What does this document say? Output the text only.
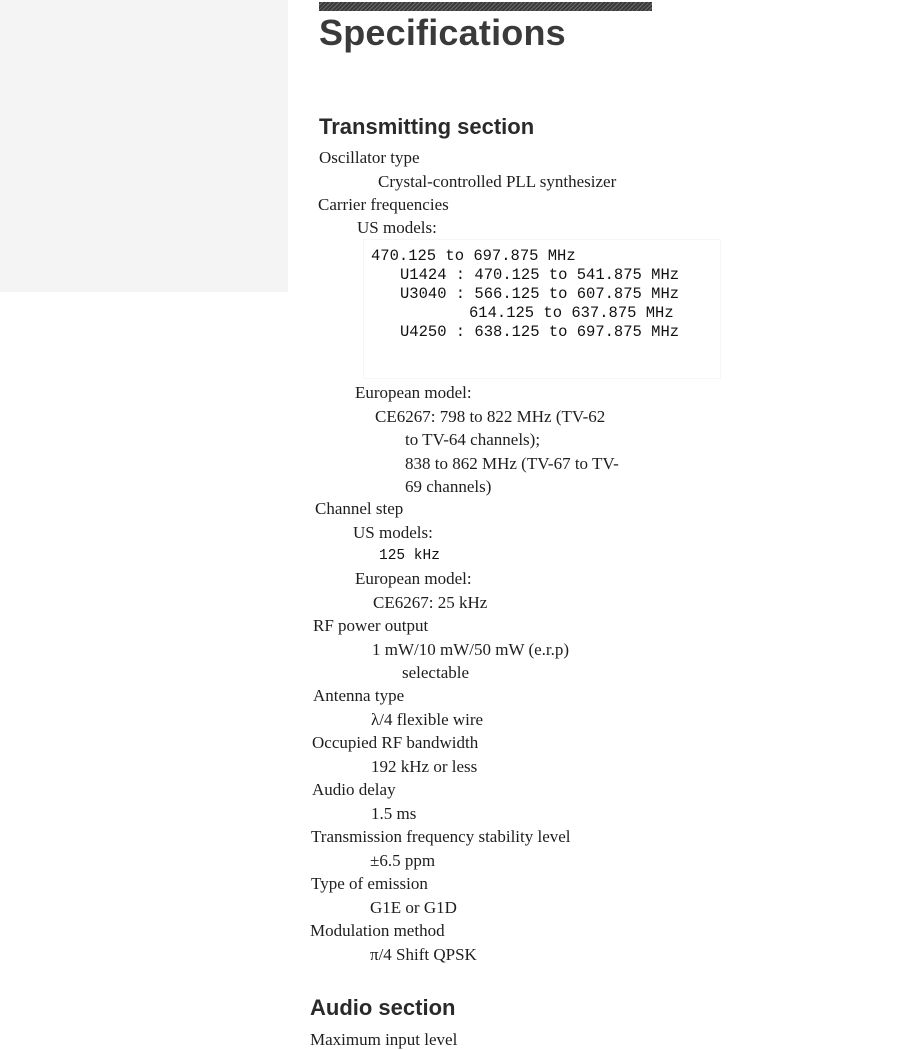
Specifications
Transmitting section
Oscillator type
Crystal-controlled PLL synthesizer
Carrier frequencies
US models:
470.125 to 697.875 MHz
U1424 : 470.125 to 541.875 MHz
U3040 : 566.125 to 607.875 MHz
614.125 to 637.875 MHz
U4250 : 638.125 to 697.875 MHz
European model:
CE6267: 798 to 822 MHz (TV-62
to TV-64 channels);
838 to 862 MHz (TV-67 to TV-
69 channels)
Channel step
US models:
125 kHz
European model:
CE6267: 25 kHz
RF power output
1 mW/10 mW/50 mW (e.r.p)
selectable
Antenna type
λ/4 flexible wire
Occupied RF bandwidth
192 kHz or less
Audio delay
1.5 ms
Transmission frequency stability level
±6.5 ppm
Type of emission
G1E or G1D
Modulation method
π/4 Shift QPSK
Audio section
Maximum input level
